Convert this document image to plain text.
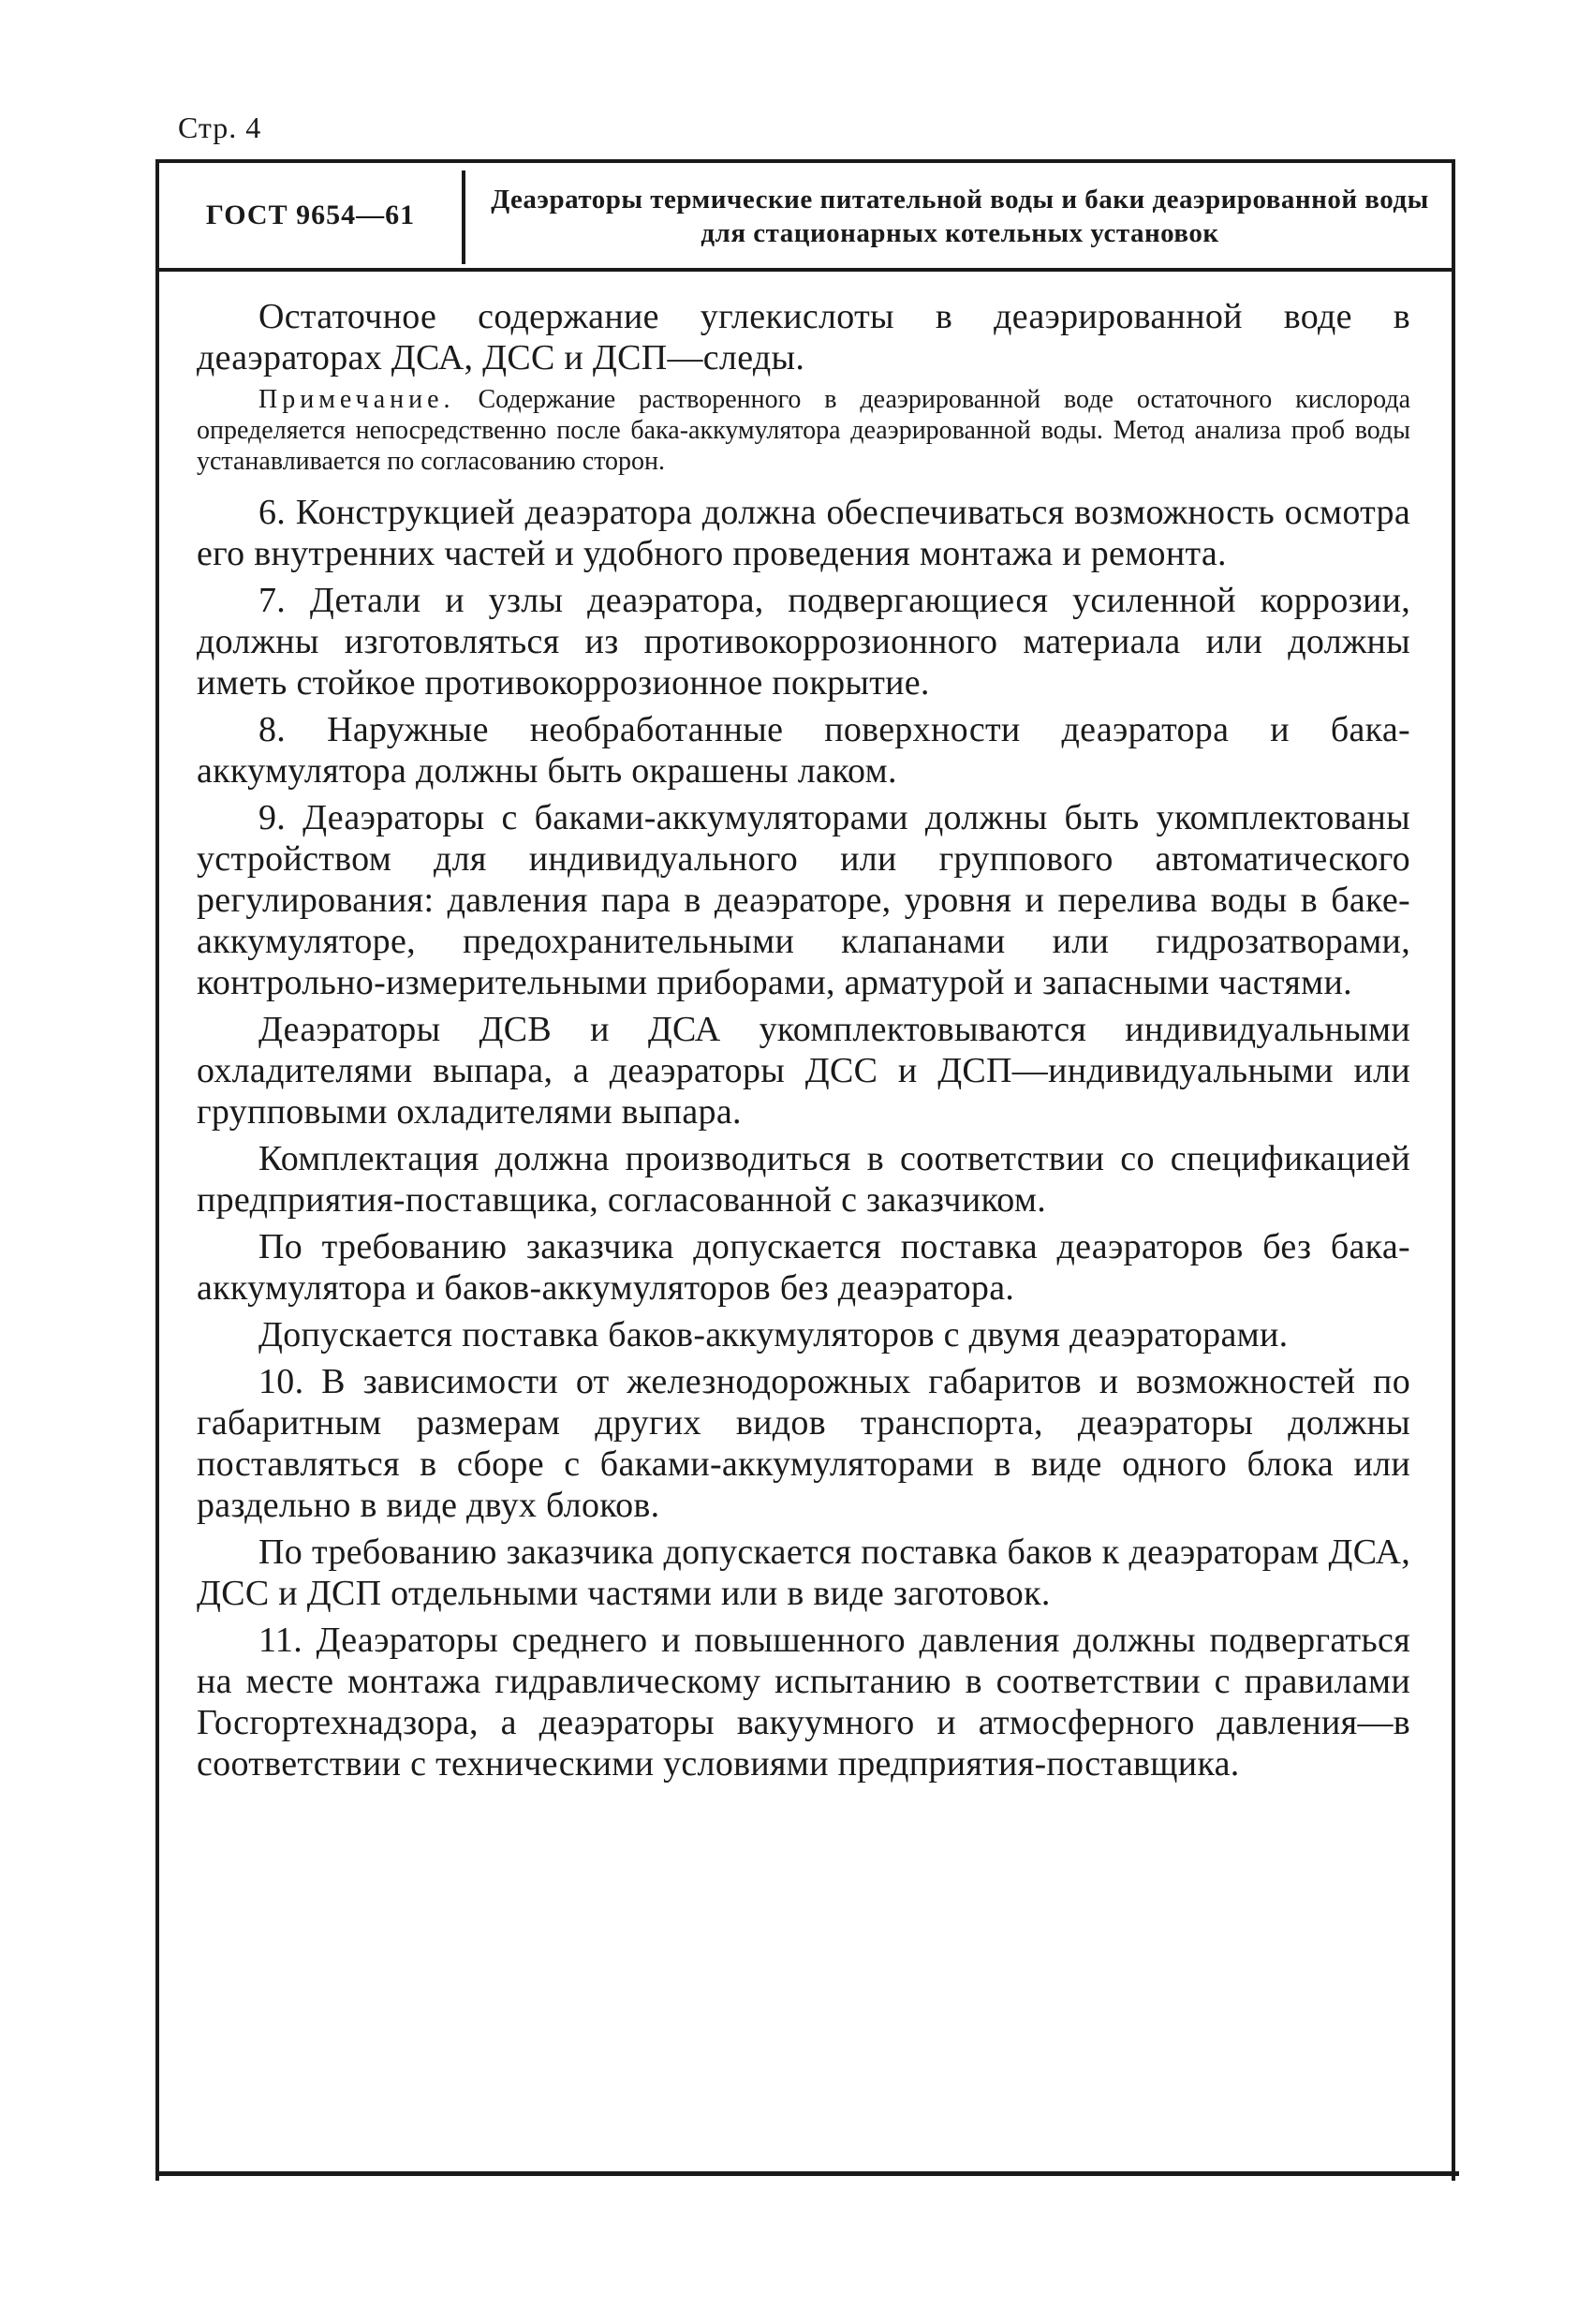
Стр. 4
ГОСТ 9654—61	Деаэраторы термические питательной воды и баки деаэрированной воды для стационарных котельных установок

Остаточное содержание углекислоты в деаэрированной воде в деаэраторах ДСА, ДСС и ДСП—следы.

Примечание. Содержание растворенного в деаэрированной воде остаточного кислорода определяется непосредственно после бака-аккумулятора деаэрированной воды. Метод анализа проб воды устанавливается по согласованию сторон.

6. Конструкцией деаэратора должна обеспечиваться возможность осмотра его внутренних частей и удобного проведения монтажа и ремонта.

7. Детали и узлы деаэратора, подвергающиеся усиленной коррозии, должны изготовляться из противокоррозионного материала или должны иметь стойкое противокоррозионное покрытие.

8. Наружные необработанные поверхности деаэратора и бака-аккумулятора должны быть окрашены лаком.

9. Деаэраторы с баками-аккумуляторами должны быть укомплектованы устройством для индивидуального или группового автоматического регулирования: давления пара в деаэраторе, уровня и перелива воды в баке-аккумуляторе, предохранительными клапанами или гидрозатворами, контрольно-измерительными приборами, арматурой и запасными частями.

Деаэраторы ДСВ и ДСА укомплектовываются индивидуальными охладителями выпара, а деаэраторы ДСС и ДСП—индивидуальными или групповыми охладителями выпара.

Комплектация должна производиться в соответствии со спецификацией предприятия-поставщика, согласованной с заказчиком.

По требованию заказчика допускается поставка деаэраторов без бака-аккумулятора и баков-аккумуляторов без деаэратора.

Допускается поставка баков-аккумуляторов с двумя деаэраторами.

10. В зависимости от железнодорожных габаритов и возможностей по габаритным размерам других видов транспорта, деаэраторы должны поставляться в сборе с баками-аккумуляторами в виде одного блока или раздельно в виде двух блоков.

По требованию заказчика допускается поставка баков к деаэраторам ДСА, ДСС и ДСП отдельными частями или в виде заготовок.

11. Деаэраторы среднего и повышенного давления должны подвергаться на месте монтажа гидравлическому испытанию в соответствии с правилами Госгортехнадзора, а деаэраторы вакуумного и атмосферного давления—в соответствии с техническими условиями предприятия-поставщика.
